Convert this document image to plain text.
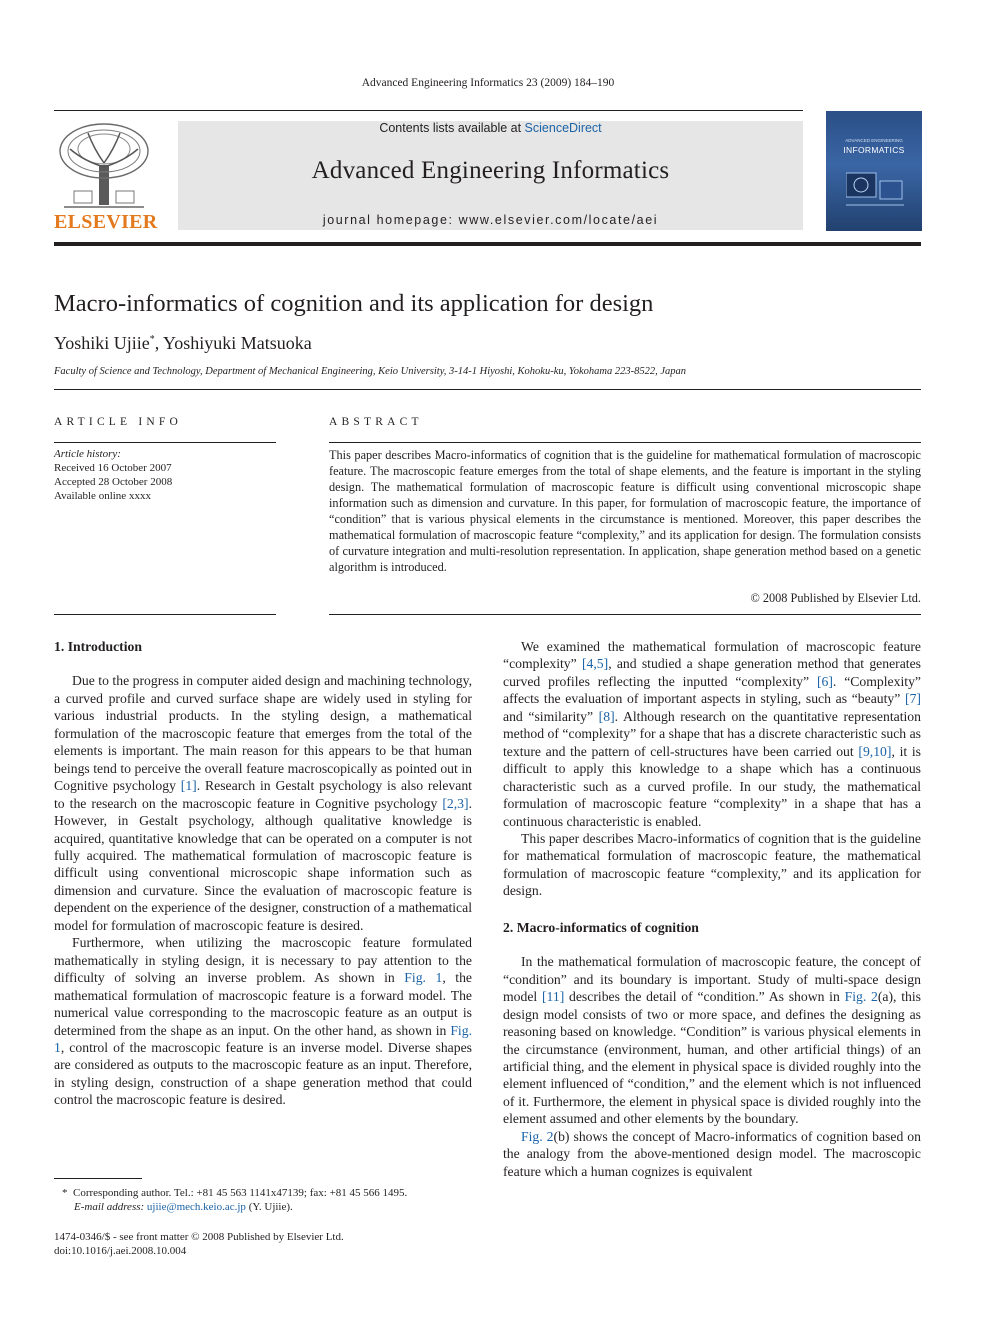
Advanced Engineering Informatics 23 (2009) 184–190
ELSEVIER
Contents lists available at ScienceDirect
Advanced Engineering Informatics
journal homepage: www.elsevier.com/locate/aei
ADVANCED ENGINEERING
INFORMATICS
Macro-informatics of cognition and its application for design
Yoshiki Ujiie*, Yoshiyuki Matsuoka
Faculty of Science and Technology, Department of Mechanical Engineering, Keio University, 3-14-1 Hiyoshi, Kohoku-ku, Yokohama 223-8522, Japan
ARTICLE INFO
Article history:
Received 16 October 2007
Accepted 28 October 2008
Available online xxxx
ABSTRACT
This paper describes Macro-informatics of cognition that is the guideline for mathematical formulation of macroscopic feature. The macroscopic feature emerges from the total of shape elements, and the feature is important in the styling design. The mathematical formulation of macroscopic feature is difficult using conventional microscopic shape information such as dimension and curvature. In this paper, for formulation of macroscopic feature, the importance of “condition” that is various physical elements in the circumstance is mentioned. Moreover, this paper describes the mathematical formulation of macroscopic feature “complexity,” and its application for design. The formulation consists of curvature integration and multi-resolution representation. In application, shape generation method based on a genetic algorithm is introduced.
© 2008 Published by Elsevier Ltd.
1. Introduction

Due to the progress in computer aided design and machining technology, a curved profile and curved surface shape are widely used in styling for various industrial products. In the styling design, a mathematical formulation of the macroscopic feature that emerges from the total of the elements is important. The main reason for this appears to be that human beings tend to perceive the overall feature macroscopically as pointed out in Cognitive psychology [1]. Research in Gestalt psychology is also relevant to the research on the macroscopic feature in Cognitive psychology [2,3]. However, in Gestalt psychology, although qualitative knowledge is acquired, quantitative knowledge that can be operated on a computer is not fully acquired. The mathematical formulation of macroscopic feature is difficult using conventional microscopic shape information such as dimension and curvature. Since the evaluation of macroscopic feature is dependent on the experience of the designer, construction of a mathematical model for formulation of macroscopic feature is desired.

Furthermore, when utilizing the macroscopic feature formulated mathematically in styling design, it is necessary to pay attention to the difficulty of solving an inverse problem. As shown in Fig. 1, the mathematical formulation of macroscopic feature is a forward model. The numerical value corresponding to the macroscopic feature as an output is determined from the shape as an input. On the other hand, as shown in Fig. 1, control of the macroscopic feature is an inverse model. Diverse shapes are considered as outputs to the macroscopic feature as an input. Therefore, in styling design, construction of a shape generation method that could control the macroscopic feature is desired.

We examined the mathematical formulation of macroscopic feature “complexity” [4,5], and studied a shape generation method that generates curved profiles reflecting the inputted “complexity” [6]. “Complexity” affects the evaluation of important aspects in styling, such as “beauty” [7] and “similarity” [8]. Although research on the quantitative representation method of “complexity” for a shape that has a discrete characteristic such as texture and the pattern of cell-structures have been carried out [9,10], it is difficult to apply this knowledge to a shape which has a continuous characteristic such as a curved profile. In our study, the mathematical formulation of macroscopic feature “complexity” in a shape that has a continuous characteristic is enabled.

This paper describes Macro-informatics of cognition that is the guideline for mathematical formulation of macroscopic feature, the mathematical formulation of macroscopic feature “complexity,” and its application for design.

2. Macro-informatics of cognition

In the mathematical formulation of macroscopic feature, the concept of “condition” and its boundary is important. Study of multi-space design model [11] describes the detail of “condition.” As shown in Fig. 2(a), this design model consists of two or more space, and defines the designing as reasoning based on knowledge. “Condition” is various physical elements in the circumstance (environment, human, and other artificial things) of an artificial thing, and the element in physical space is divided roughly into the element influenced of “condition,” and the element which is not influenced of it. Furthermore, the element in physical space is divided roughly into the element assumed and other elements by the boundary.

Fig. 2(b) shows the concept of Macro-informatics of cognition based on the analogy from the above-mentioned design model. The macroscopic feature which a human cognizes is equivalent

* Corresponding author. Tel.: +81 45 563 1141x47139; fax: +81 45 566 1495.
E-mail address: ujiie@mech.keio.ac.jp (Y. Ujiie).
1474-0346/$ - see front matter © 2008 Published by Elsevier Ltd.
doi:10.1016/j.aei.2008.10.004
